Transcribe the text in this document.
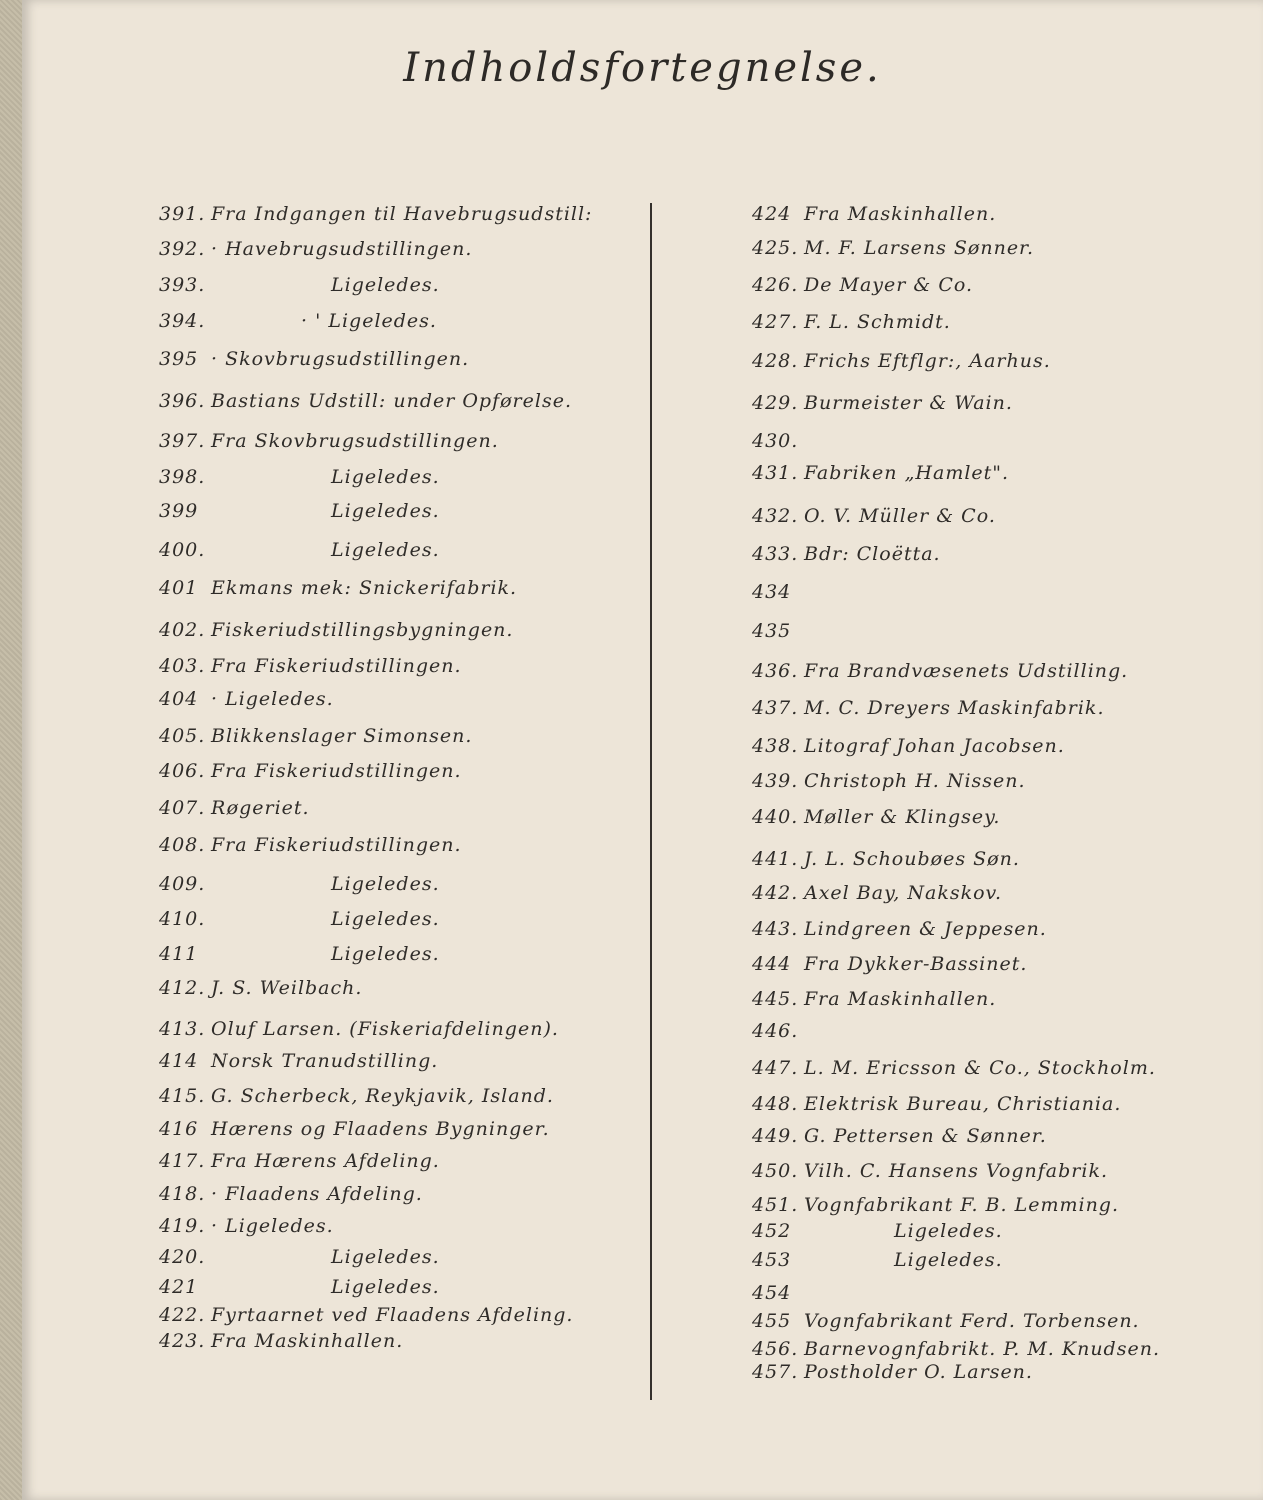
Indholdsfortegnelse.
391. Fra Indgangen til Havebrugsudstill:
392. · Havebrugsudstillingen.
393.	Ligeledes.
394.	· ' Ligeledes.
395 · Skovbrugsudstillingen.
396. Bastians Udstill: under Opførelse.
397. Fra Skovbrugsudstillingen.
398.	Ligeledes.
399	Ligeledes.
400.	Ligeledes.
401 Ekmans mek: Snickerifabrik.
402. Fiskeriudstillingsbygningen.
403. Fra Fiskeriudstillingen.
404 · Ligeledes.
405. Blikkenslager Simonsen.
406. Fra Fiskeriudstillingen.
407. Røgeriet.
408. Fra Fiskeriudstillingen.
409.	Ligeledes.
410.	Ligeledes.
411	Ligeledes.
412. J. S. Weilbach.
413. Oluf Larsen. (Fiskeriafdelingen).
414 Norsk Tranudstilling.
415. G. Scherbeck, Reykjavik, Island.
416 Hærens og Flaadens Bygninger.
417. Fra Hærens Afdeling.
418. · Flaadens Afdeling.
419. · Ligeledes.
420.	Ligeledes.
421	Ligeledes.
422. Fyrtaarnet ved Flaadens Afdeling.
423. Fra Maskinhallen.
424 Fra Maskinhallen.
425. M. F. Larsens Sønner.
426. De Mayer & Co.
427. F. L. Schmidt.
428. Frichs Eftflgr:, Aarhus.
429. Burmeister & Wain.
430.
431. Fabriken „Hamlet".
432. O. V. Müller & Co.
433. Bdr: Cloëtta.
434
435
436. Fra Brandvæsenets Udstilling.
437. M. C. Dreyers Maskinfabrik.
438. Litograf Johan Jacobsen.
439. Christoph H. Nissen.
440. Møller & Klingsey.
441. J. L. Schoubøes Søn.
442. Axel Bay, Nakskov.
443. Lindgreen & Jeppesen.
444 Fra Dykker-Bassinet.
445. Fra Maskinhallen.
446.
447. L. M. Ericsson & Co., Stockholm.
448. Elektrisk Bureau, Christiania.
449. G. Pettersen & Sønner.
450. Vilh. C. Hansens Vognfabrik.
451. Vognfabrikant F. B. Lemming.
452	Ligeledes.
453	Ligeledes.
454
455 Vognfabrikant Ferd. Torbensen.
456. Barnevognfabrikt. P. M. Knudsen.
457. Postholder O. Larsen.
